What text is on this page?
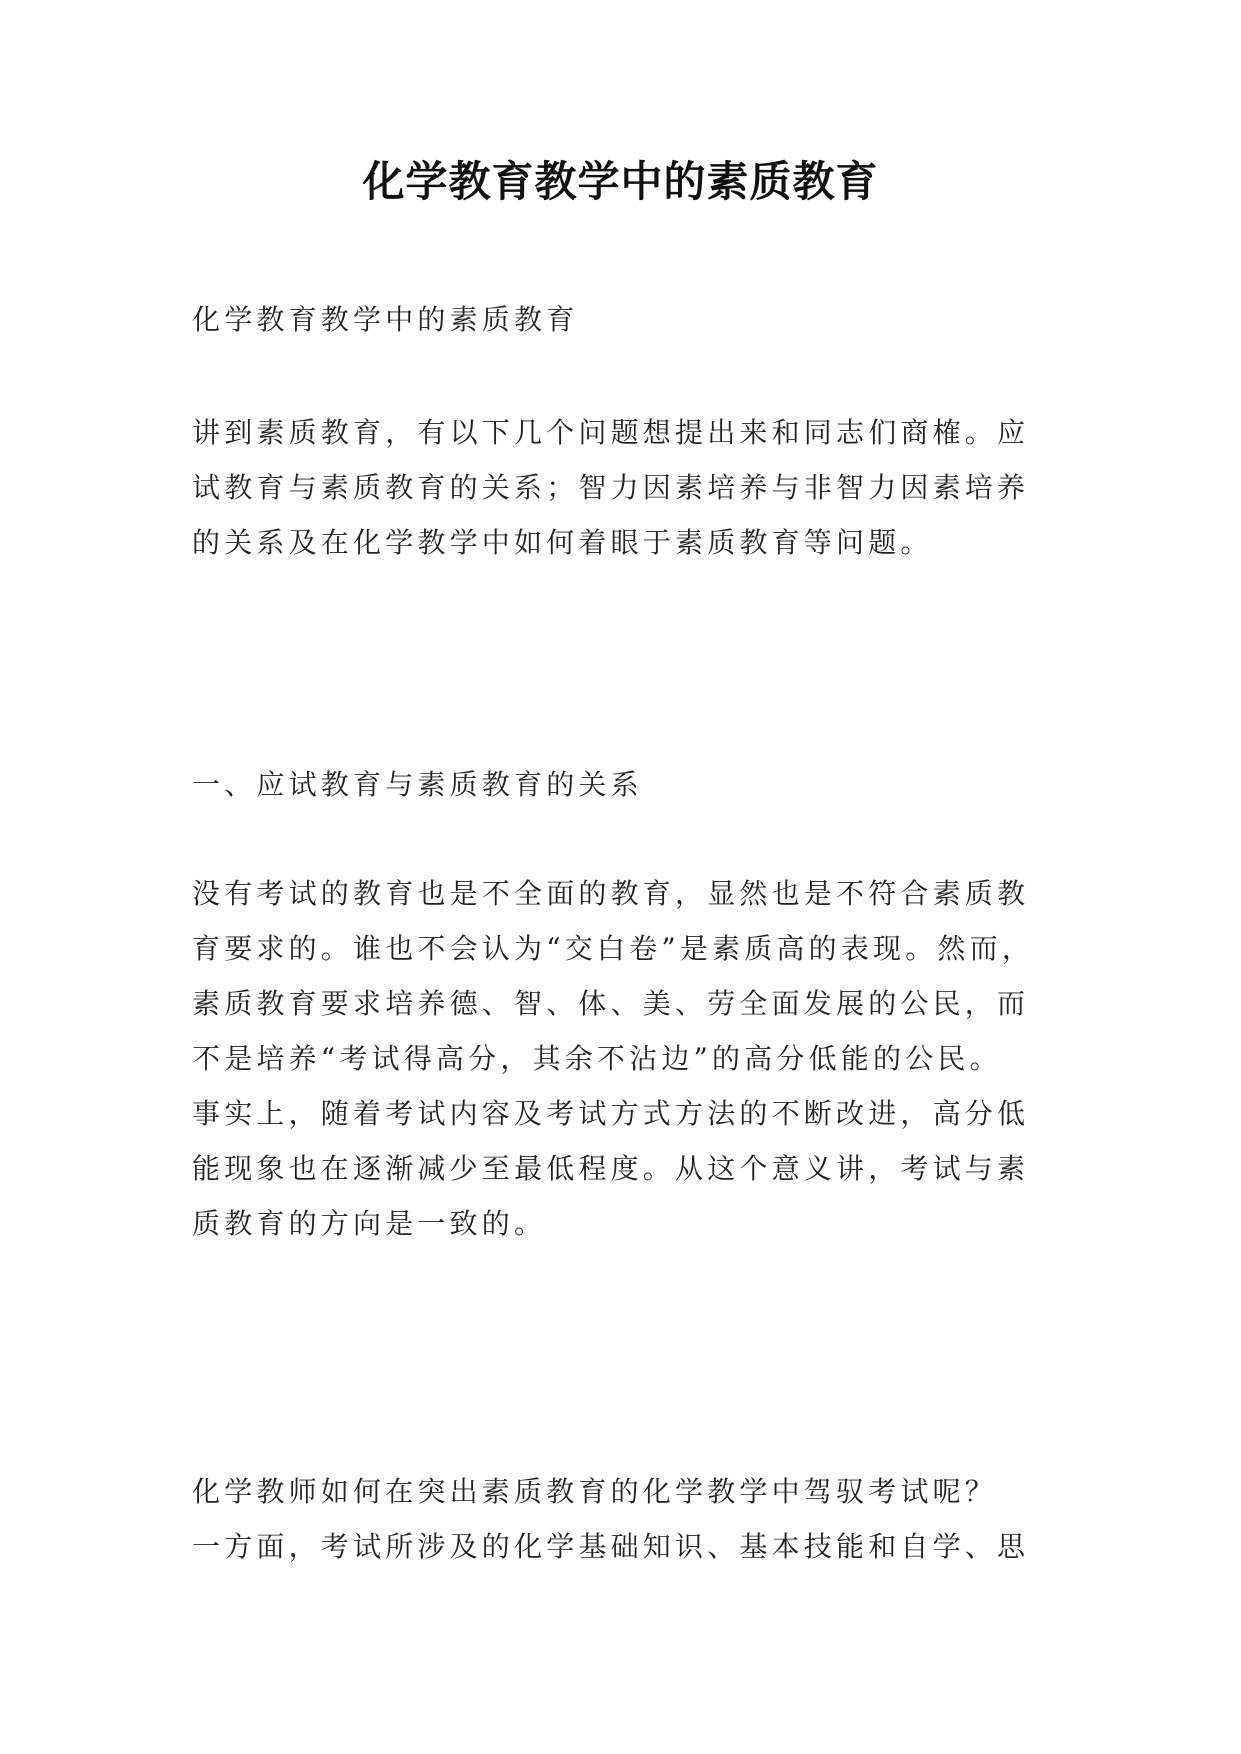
化学教育教学中的素质教育

化学教育教学中的素质教育

讲到素质教育，有以下几个问题想提出来和同志们商榷。应
试教育与素质教育的关系；智力因素培养与非智力因素培养
的关系及在化学教学中如何着眼于素质教育等问题。

一、应试教育与素质教育的关系

没有考试的教育也是不全面的教育，显然也是不符合素质教
育要求的。谁也不会认为“交白卷”是素质高的表现。然而，
素质教育要求培养德、智、体、美、劳全面发展的公民，而
不是培养“考试得高分，其余不沾边”的高分低能的公民。
事实上，随着考试内容及考试方式方法的不断改进，高分低
能现象也在逐渐减少至最低程度。从这个意义讲，考试与素
质教育的方向是一致的。
化学教师如何在突出素质教育的化学教学中驾驭考试呢？
一方面，考试所涉及的化学基础知识、基本技能和自学、思
